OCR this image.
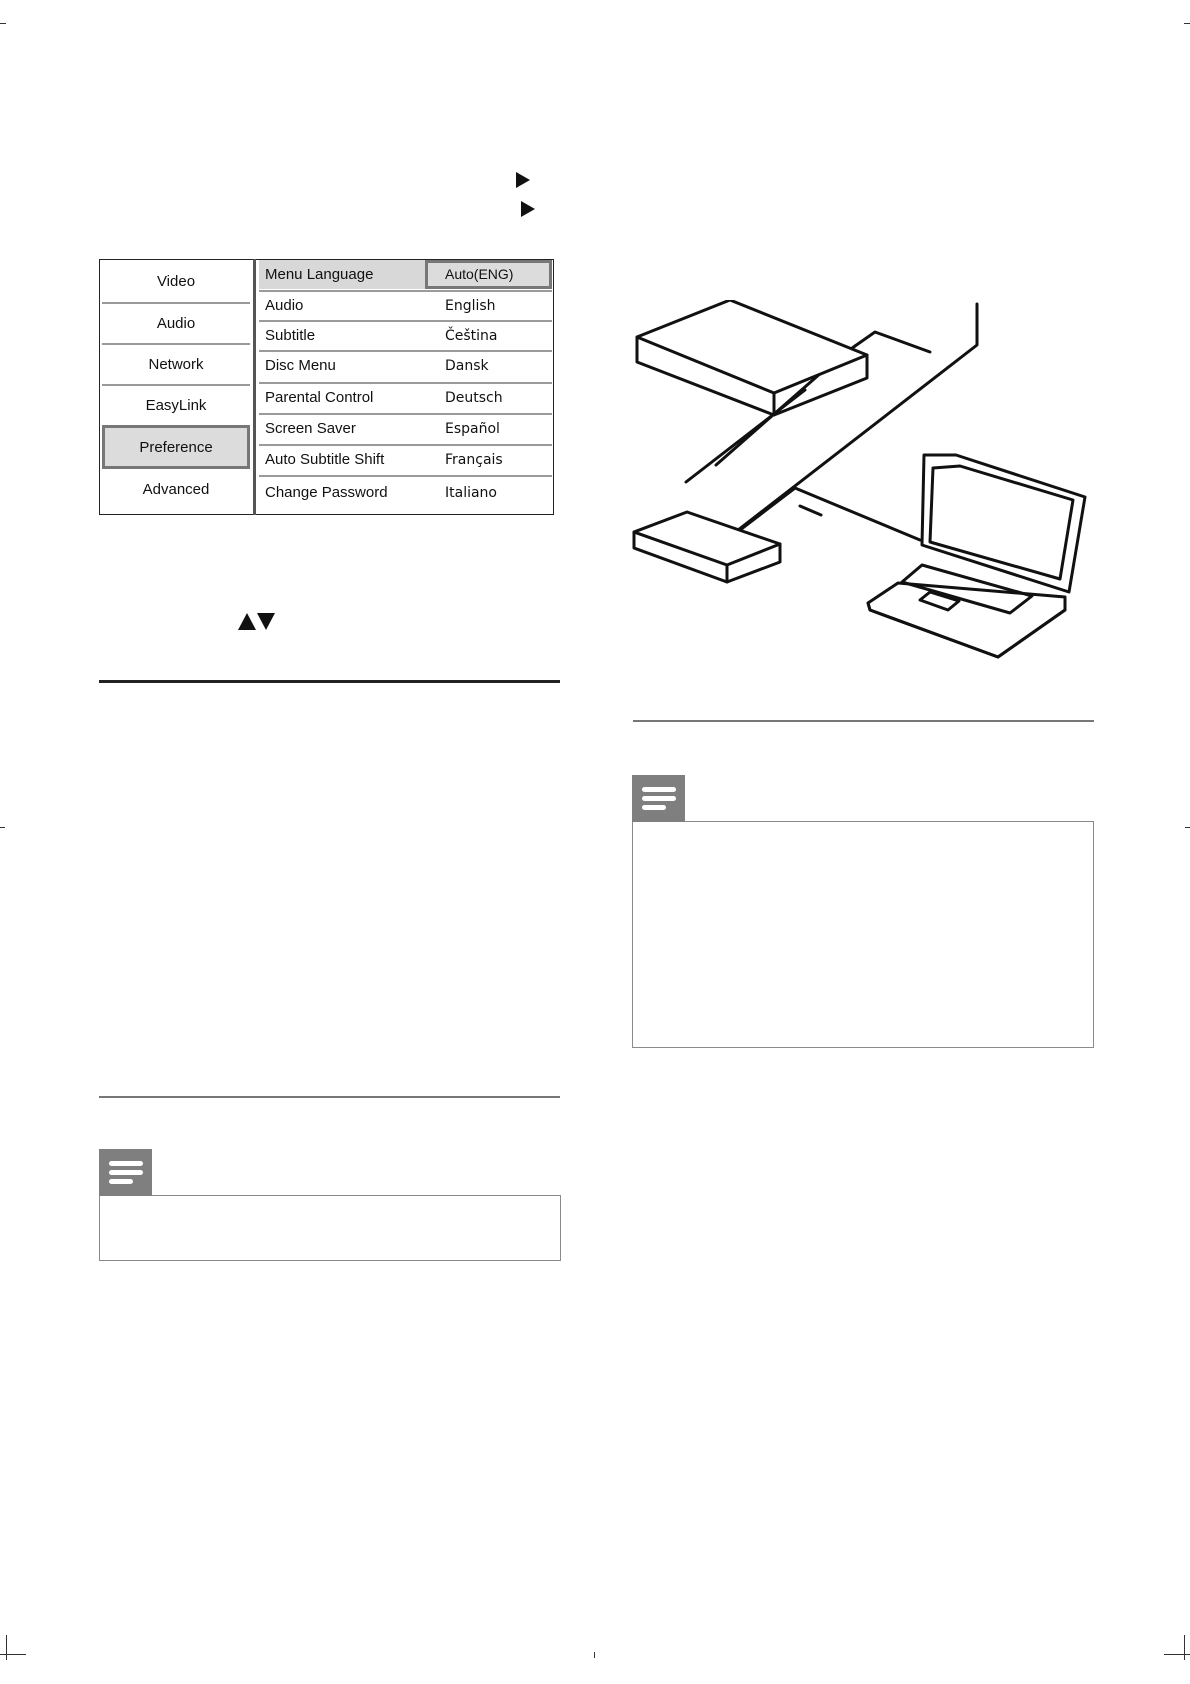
Video
Audio
Network
EasyLink
Preference
Advanced
Menu Language	Auto(ENG)
Audio	English
Subtitle	Čeština
Disc Menu	Dansk
Parental Control	Deutsch
Screen Saver	Español
Auto Subtitle Shift	Français
Change Password	Italiano
